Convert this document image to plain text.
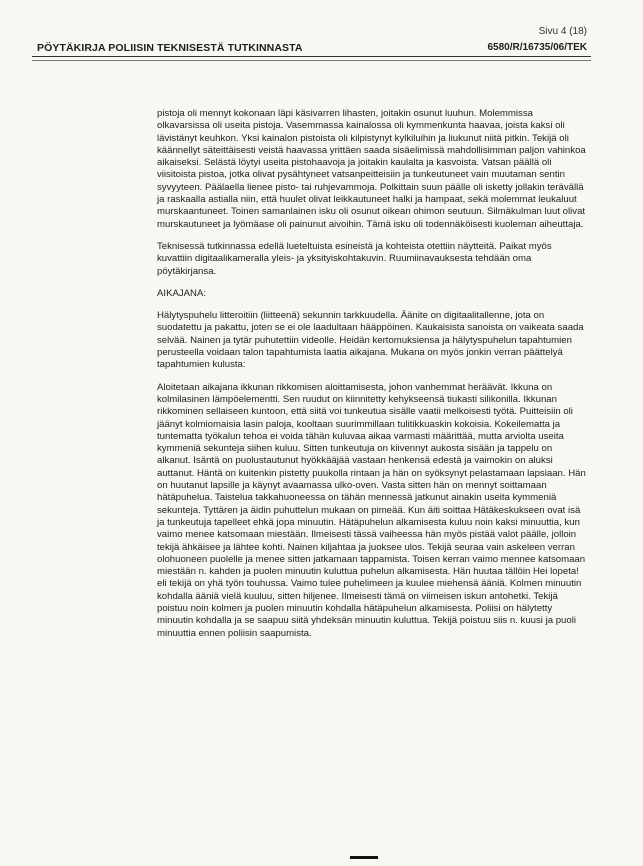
Sivu 4 (18)
PÖYTÄKIRJA POLIISIN TEKNISESTÄ TUTKINNASTA	6580/R/16735/06/TEK

pistoja oli mennyt kokonaan läpi käsivarren lihasten, joitakin osunut luuhun. Molemmissa olkavarsissa oli useita pistoja. Vasemmassa kainalossa oli kymmenkunta haavaa, joista kaksi oli lävistänyt keuhkon. Yksi kainalon pistoista oli kilpistynyt kylkiluihin ja liukunut niitä pitkin. Tekijä oli käännellyt säteittäisesti veistä haavassa yrittäen saada sisäelimissä mahdollisimman paljon vahinkoa aikaiseksi. Selästä löytyi useita pistohaavoja ja joitakin kaulalta ja kasvoista. Vatsan päällä oli viisitoista pistoa, jotka olivat pysähtyneet vatsanpeitteisiin ja tunkeutuneet vain muutaman sentin syvyyteen. Päälaella lienee pisto- tai ruhjevammoja. Polkittain suun päälle oli isketty jollakin terävällä ja raskaalla astialla niin, että huulet olivat leikkautuneet halki ja hampaat, sekä molemmat leukaluut murskaantuneet. Toinen samanlainen isku oli osunut oikean ohimon seutuun. Silmäkulman luut olivat murskautuneet ja lyömäase oli painunut aivoihin. Tämä isku oli todennäköisesti kuoleman aiheuttaja.

Teknisessä tutkinnassa edellä lueteltuista esineistä ja kohteista otettiin näytteitä. Paikat myös kuvattiin digitaalikameralla yleis- ja yksityiskohtakuvin. Ruumiinavauksesta tehdään oma pöytäkirjansa.

AIKAJANA:

Hälytyspuhelu litteroitiin (liitteenä) sekunnin tarkkuudella. Äänite on digitaalitallenne, jota on suodatettu ja pakattu, joten se ei ole laadultaan hääppöinen. Kaukaisista sanoista on vaikeata saada selvää. Nainen ja tytär puhutettiin videolle. Heidän kertomuksiensa ja hälytyspuhelun tapahtumien perusteella voidaan talon tapahtumista laatia aikajana. Mukana on myös jonkin verran päättelyä tapahtumien kulusta:

Aloitetaan aikajana ikkunan rikkomisen aloittamisesta, johon vanhemmat heräävät. Ikkuna on kolmilasinen lämpöelementti. Sen ruudut on kiinnitetty kehykseensä tiukasti silikonilla. Ikkunan rikkominen sellaiseen kuntoon, että siitä voi tunkeutua sisälle vaatii melkoisesti työtä. Puitteisiin oli jäänyt kolmiomaisia lasin paloja, kooltaan suurimmillaan tulitikkuaskin kokoisia. Kokeilematta ja tuntematta työkalun tehoa ei voida tähän kuluvaa aikaa varmasti määrittää, mutta arviolta useita kymmeniä sekunteja siihen kuluu. Sitten tunkeutuja on kiivennyt aukosta sisään ja tappelu on alkanut. Isäntä on puolustautunut hyökkääjää vastaan henkensä edestä ja vaimokin on aluksi auttanut. Häntä on kuitenkin pistetty puukolla rintaan ja hän on syöksynyt pelastamaan lapsiaan. Hän on huutanut lapsille ja käynyt avaamassa ulko-oven. Vasta sitten hän on mennyt soittamaan hätäpuhelua. Taistelua takkahuoneessa on tähän mennessä jatkunut ainakin useita kymmeniä sekunteja. Tyttären ja äidin puhuttelun mukaan on pimeää. Kun äiti soittaa Hätäkeskukseen ovat isä ja tunkeutuja tapelleet ehkä jopa minuutin. Hätäpuhelun alkamisesta kuluu noin kaksi minuuttia, kun vaimo menee katsomaan miestään. Ilmeisesti tässä vaiheessa hän myös pistää valot päälle, jolloin tekijä ähkäisee ja lähtee kohti. Nainen kiljahtaa ja juoksee ulos. Tekijä seuraa vain askeleen verran olohuoneen puolelle ja menee sitten jatkamaan tappamista. Toisen kerran vaimo mennee katsomaan miestään n. kahden ja puolen minuutin kuluttua puhelun alkamisesta. Hän huutaa tällöin Hei lopeta! eli tekijä on yhä työn touhussa. Vaimo tulee puhelimeen ja kuulee miehensä ääniä. Kolmen minuutin kohdalla ääniä vielä kuuluu, sitten hiljenee. Ilmeisesti tämä on viimeisen iskun antohetki. Tekijä poistuu noin kolmen ja puolen minuutin kohdalla hätäpuhelun alkamisesta. Poliisi on hälytetty minuutin kohdalla ja se saapuu siitä yhdeksän minuutin kuluttua. Tekijä poistuu siis n. kuusi ja puoli minuuttia ennen poliisin saapumista.
